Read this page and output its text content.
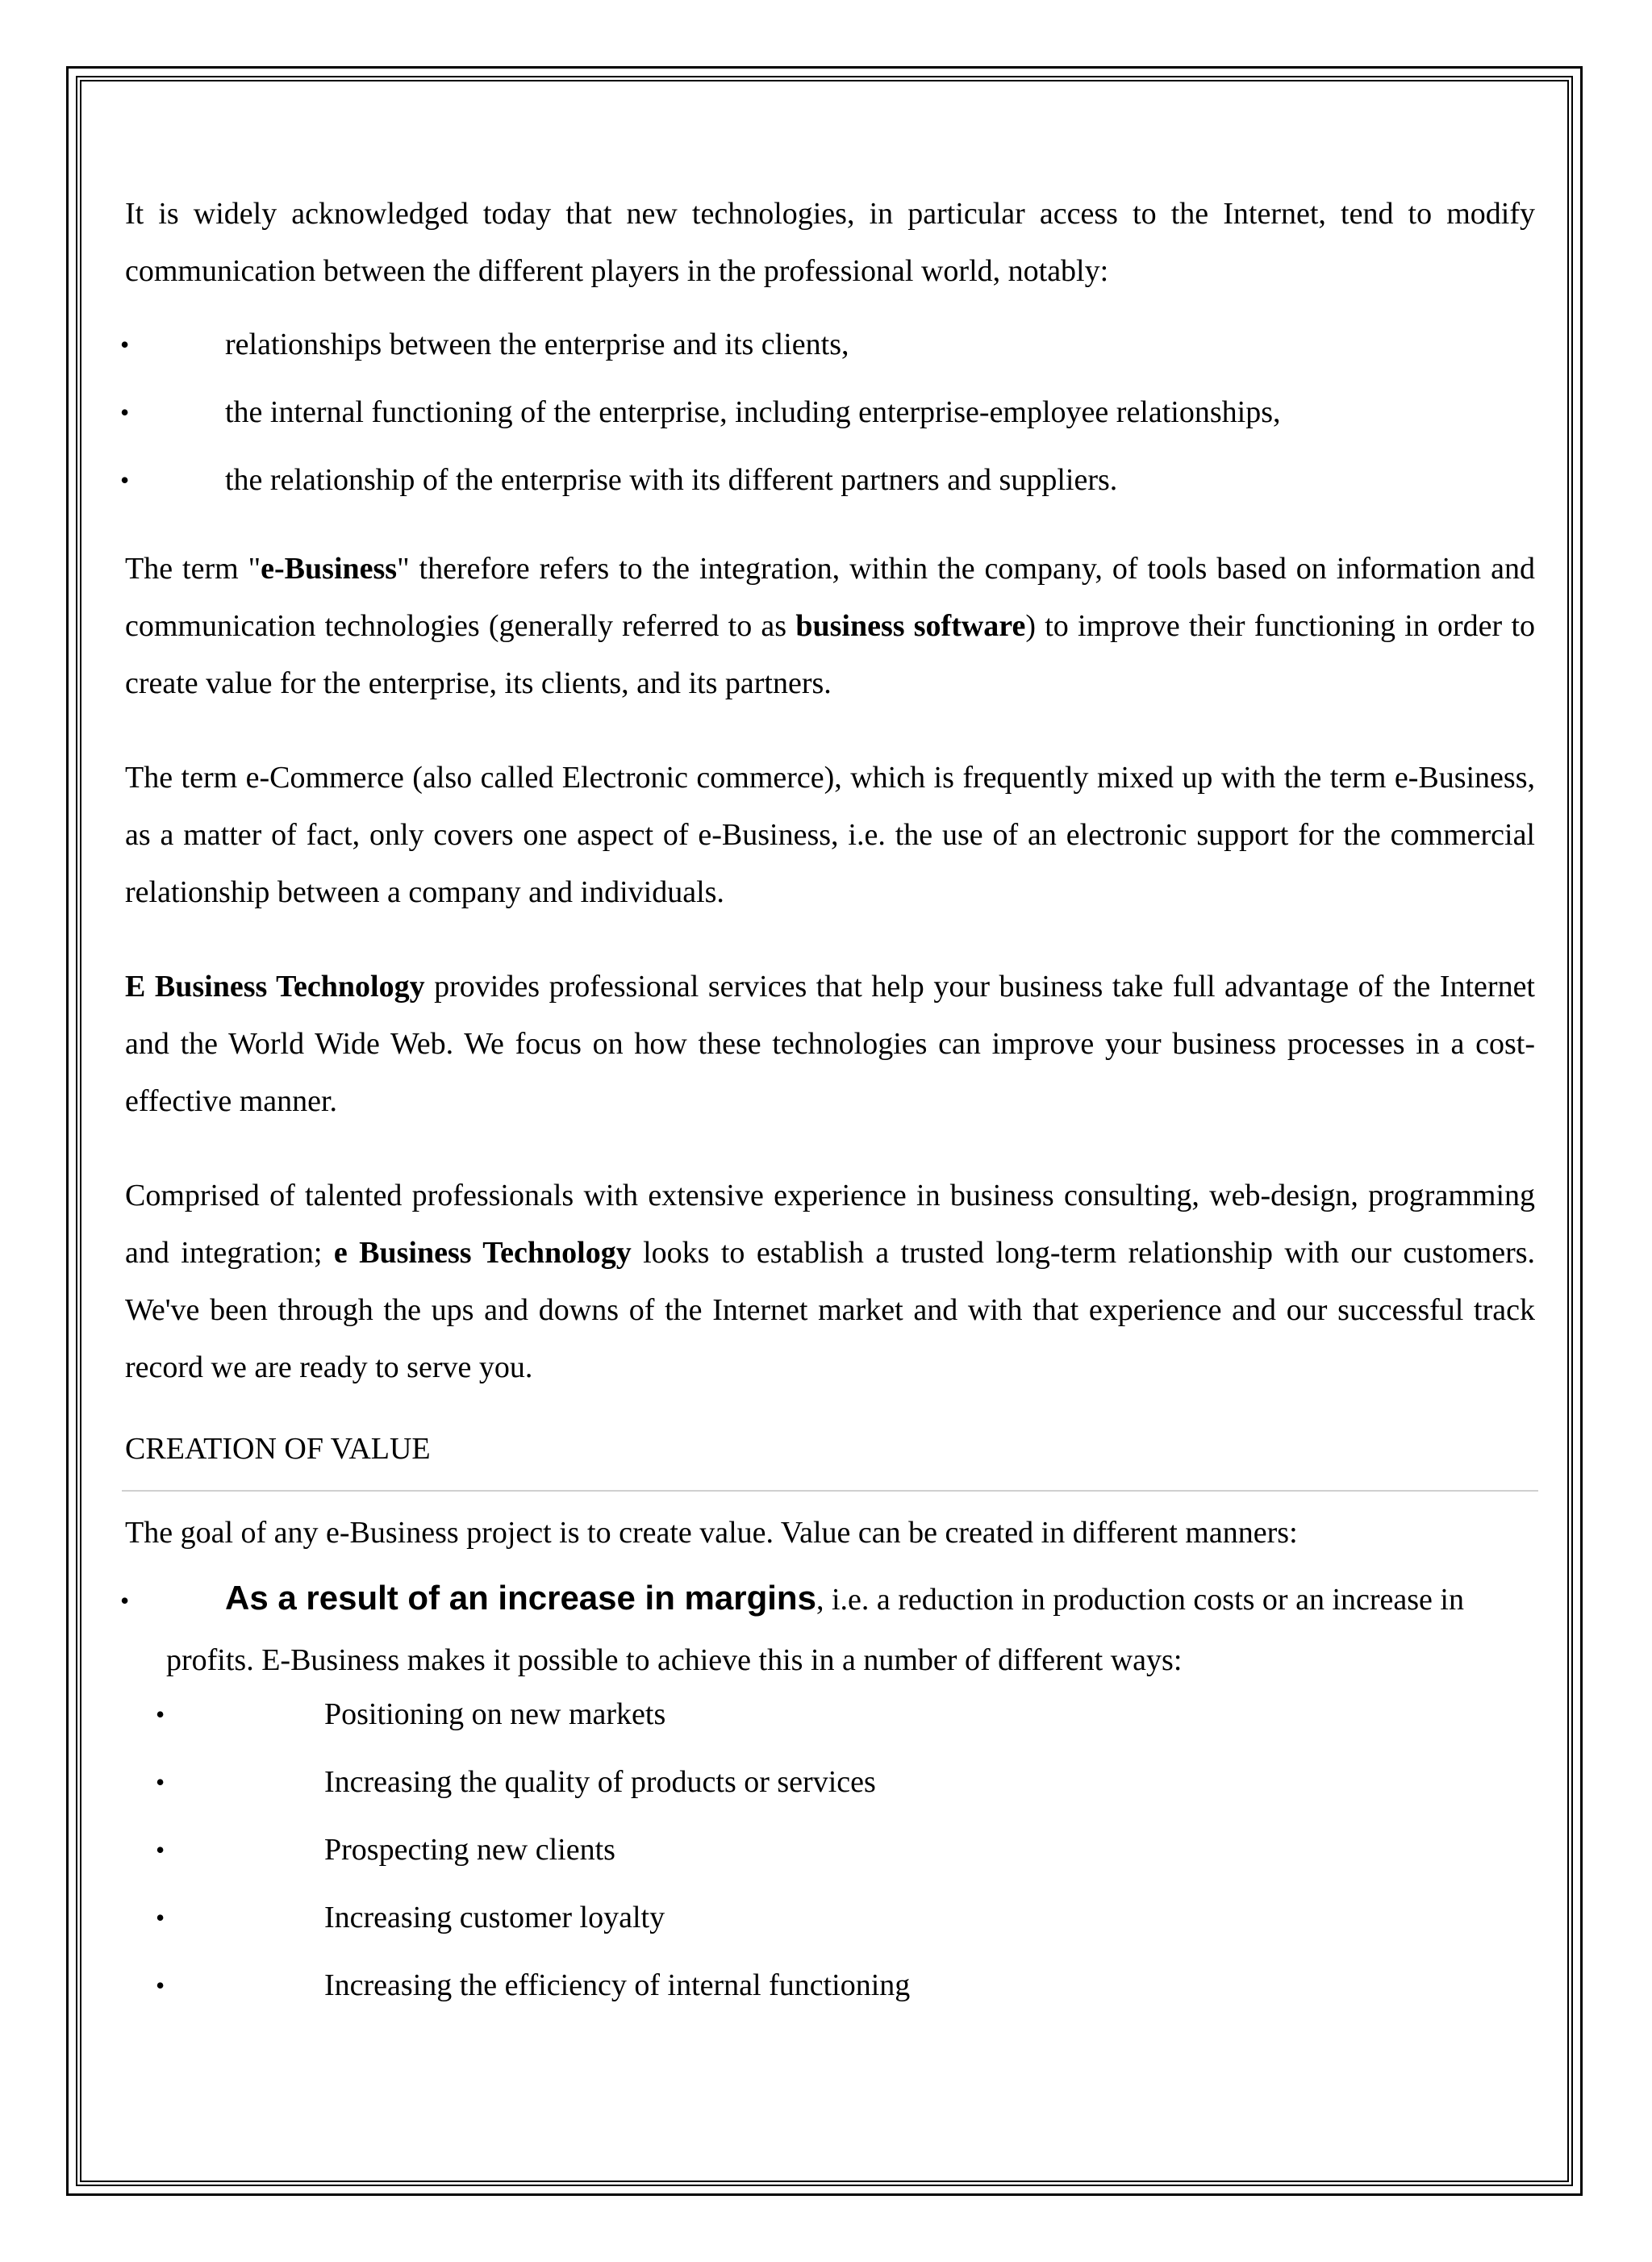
It is widely acknowledged today that new technologies, in particular access to the Internet, tend to modify communication between the different players in the professional world, notably:

•	relationships between the enterprise and its clients,
•	the internal functioning of the enterprise, including enterprise-employee relationships,
•	the relationship of the enterprise with its different partners and suppliers.

The term "e-Business" therefore refers to the integration, within the company, of tools based on information and communication technologies (generally referred to as business software) to improve their functioning in order to create value for the enterprise, its clients, and its partners.

The term e-Commerce (also called Electronic commerce), which is frequently mixed up with the term e-Business, as a matter of fact, only covers one aspect of e-Business, i.e. the use of an electronic support for the commercial relationship between a company and individuals.

E Business Technology provides professional services that help your business take full advantage of the Internet and the World Wide Web. We focus on how these technologies can improve your business processes in a cost-effective manner.

Comprised of talented professionals with extensive experience in business consulting, web-design, programming and integration; e Business Technology looks to establish a trusted long-term relationship with our customers. We've been through the ups and downs of the Internet market and with that experience and our successful track record we are ready to serve you.

CREATION OF VALUE

The goal of any e-Business project is to create value. Value can be created in different manners:

•	As a result of an increase in margins, i.e. a reduction in production costs or an increase in profits. E-Business makes it possible to achieve this in a number of different ways:
•	Positioning on new markets
•	Increasing the quality of products or services
•	Prospecting new clients
•	Increasing customer loyalty
•	Increasing the efficiency of internal functioning
